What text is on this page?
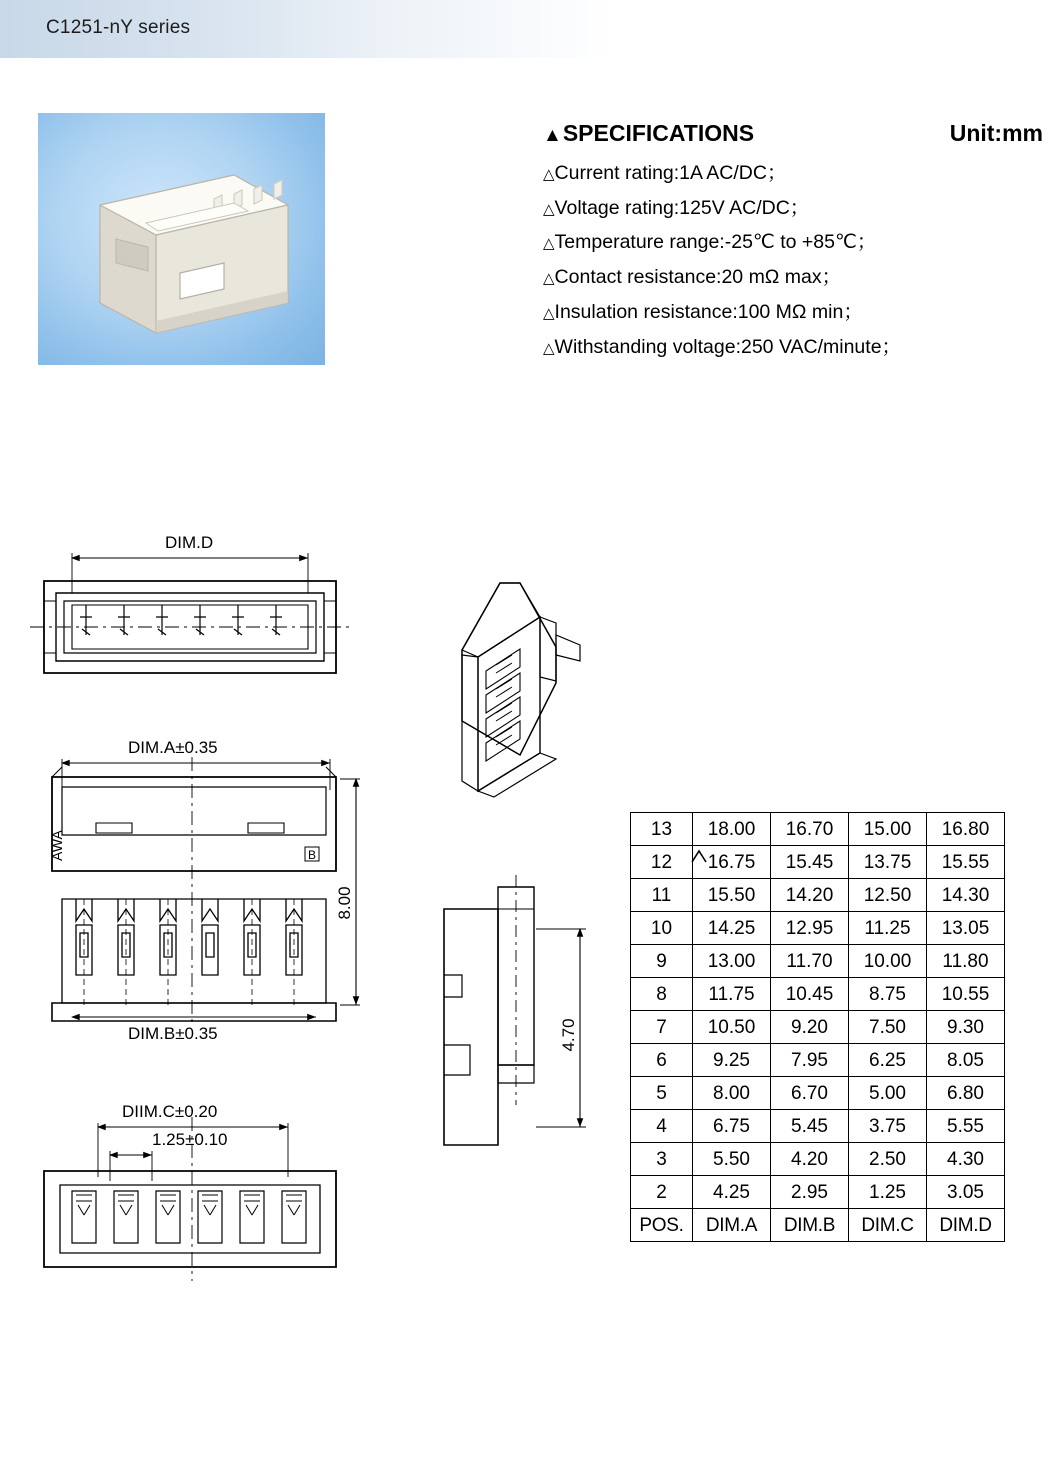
C1251-nY series
▲ SPECIFICATIONS	Unit:mm
△Current rating:1A AC/DC；
△Voltage rating:125V AC/DC；
△Temperature range:-25℃ to +85℃；
△Contact resistance:20 mΩ max；
△Insulation resistance:100 MΩ min；
△Withstanding voltage:250 VAC/minute；
DIM.D
DIM.A±0.35
AWA	B
8.00
DIM.B±0.35
DIIM.C±0.20
1.25±0.10
4.70
13	18.00	16.70	15.00	16.80
12	16.75	15.45	13.75	15.55
11	15.50	14.20	12.50	14.30
10	14.25	12.95	11.25	13.05
9	13.00	11.70	10.00	11.80
8	11.75	10.45	8.75	10.55
7	10.50	9.20	7.50	9.30
6	9.25	7.95	6.25	8.05
5	8.00	6.70	5.00	6.80
4	6.75	5.45	3.75	5.55
3	5.50	4.20	2.50	4.30
2	4.25	2.95	1.25	3.05
POS.	DIM.A	DIM.B	DIM.C	DIM.D
